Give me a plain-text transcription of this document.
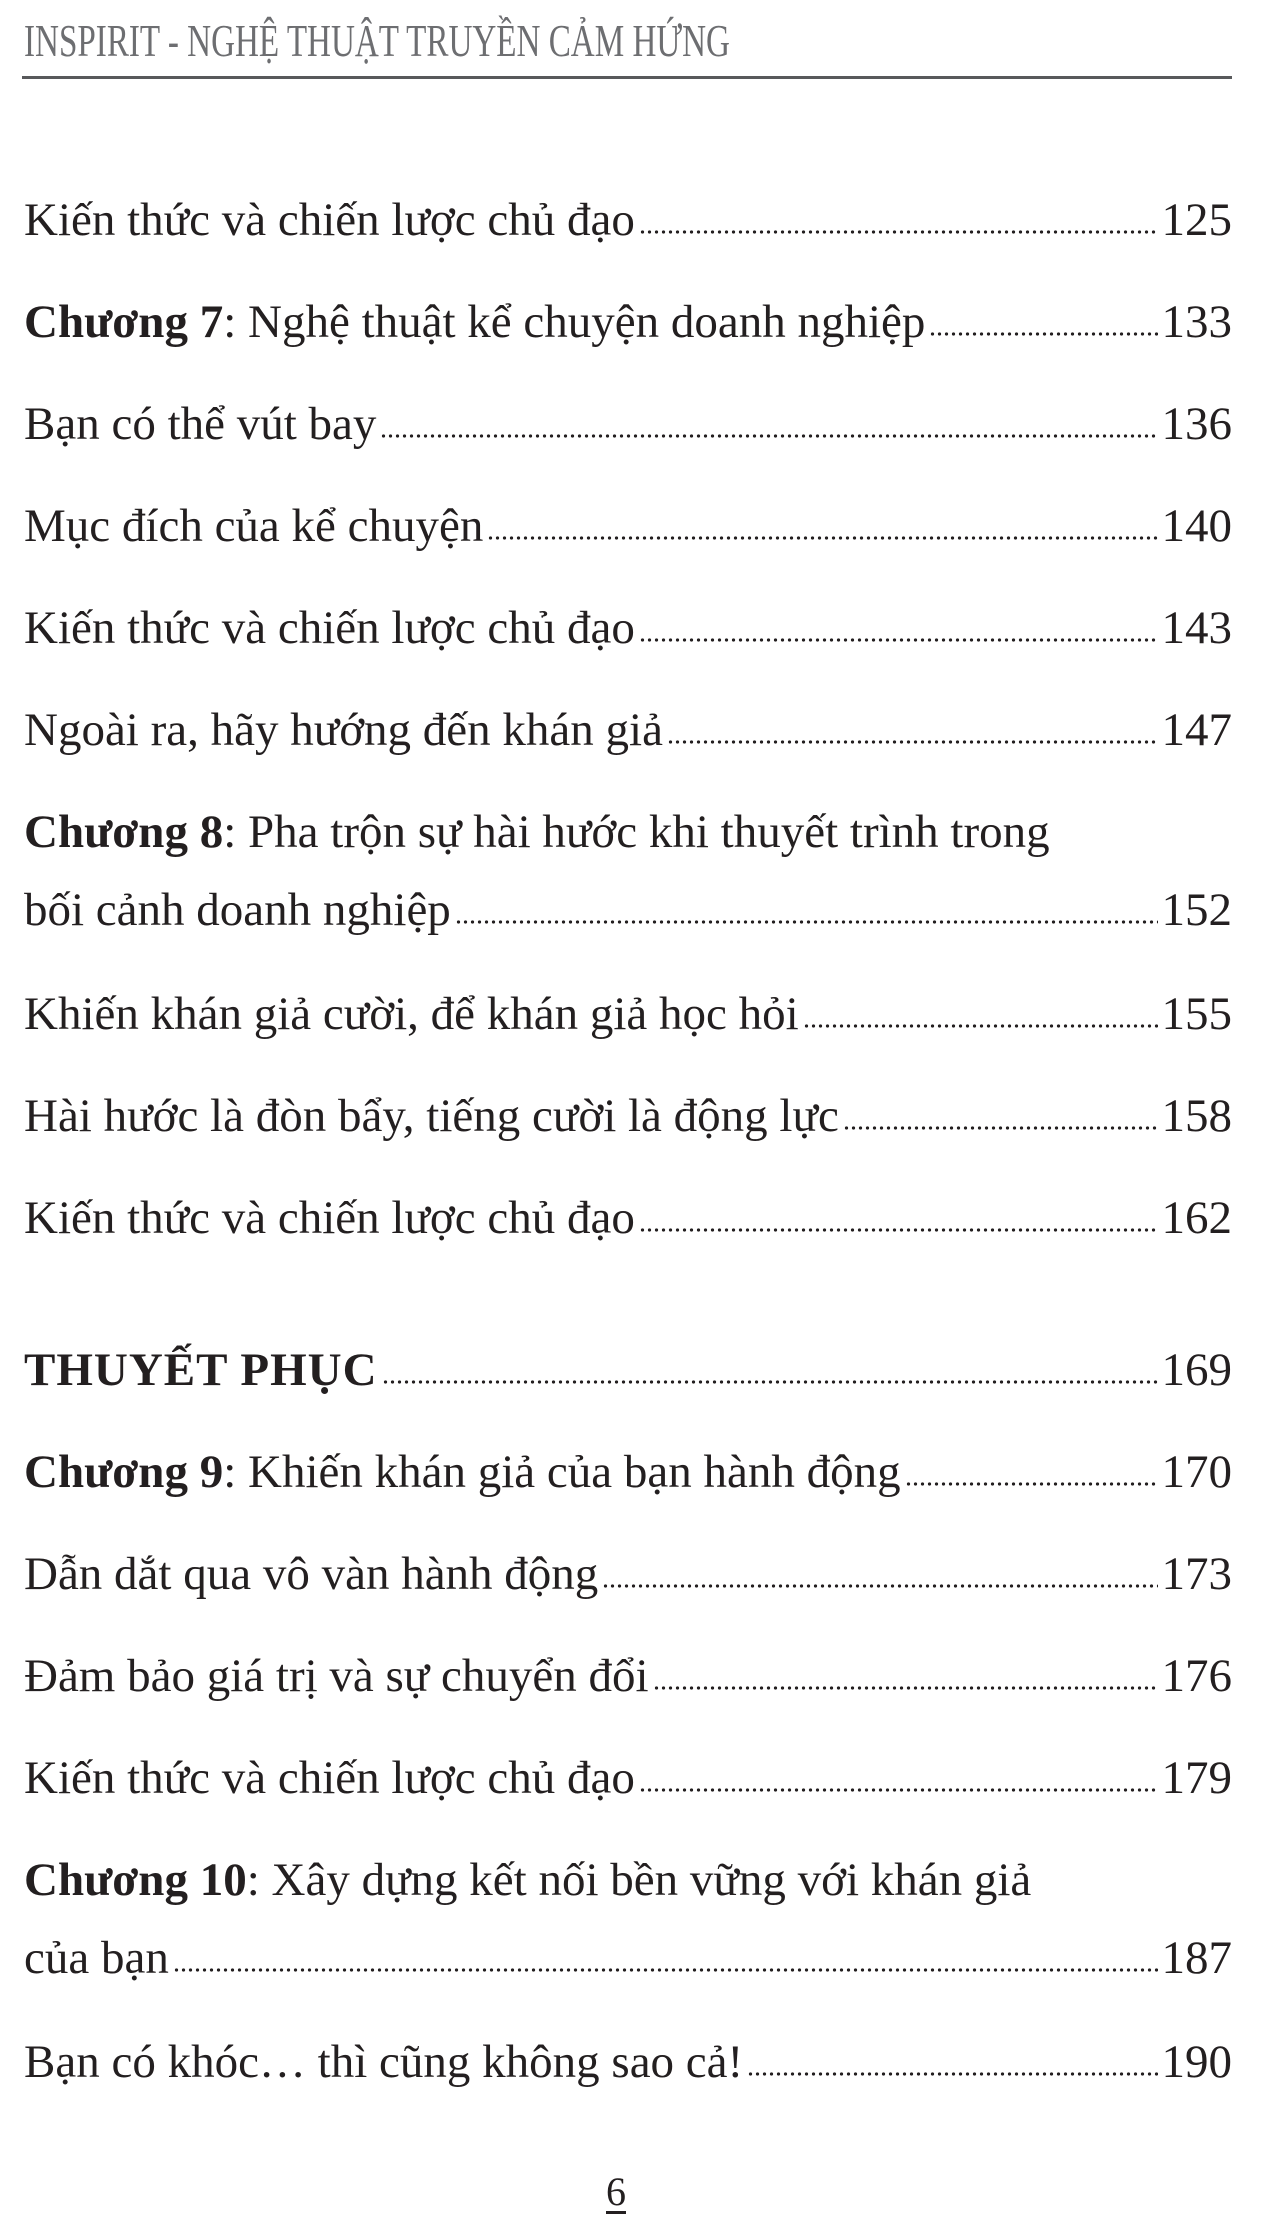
INSPIRIT - NGHỆ THUẬT TRUYỀN CẢM HỨNG
Kiến thức và chiến lược chủ đạo	125
Chương 7: Nghệ thuật kể chuyện doanh nghiệp	133
Bạn có thể vút bay	136
Mục đích của kể chuyện	140
Kiến thức và chiến lược chủ đạo	143
Ngoài ra, hãy hướng đến khán giả	147
Chương 8: Pha trộn sự hài hước khi thuyết trình trong
bối cảnh doanh nghiệp	152
Khiến khán giả cười, để khán giả học hỏi	155
Hài hước là đòn bẩy, tiếng cười là động lực	158
Kiến thức và chiến lược chủ đạo	162
THUYẾT PHỤC	169
Chương 9: Khiến khán giả của bạn hành động	170
Dẫn dắt qua vô vàn hành động	173
Đảm bảo giá trị và sự chuyển đổi	176
Kiến thức và chiến lược chủ đạo	179
Chương 10: Xây dựng kết nối bền vững với khán giả
của bạn	187
Bạn có khóc… thì cũng không sao cả!	190
6
